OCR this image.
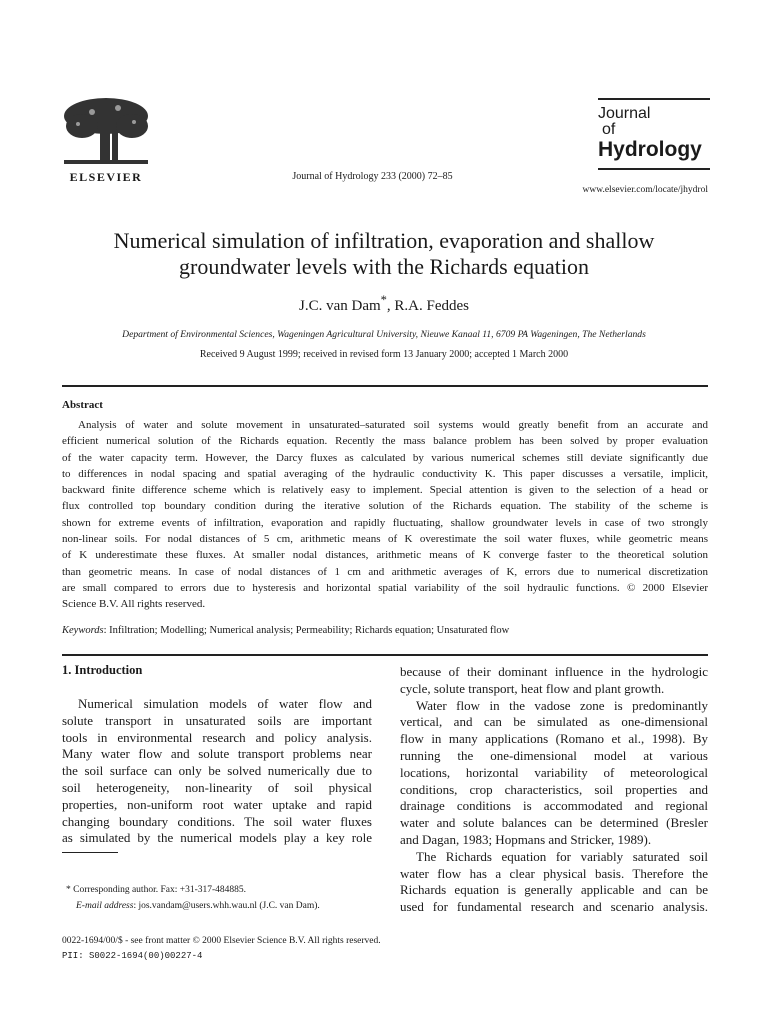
ELSEVIER	Journal of Hydrology 233 (2000) 72–85
Journal
of
Hydrology
www.elsevier.com/locate/jhydrol
Numerical simulation of infiltration, evaporation and shallow
groundwater levels with the Richards equation
J.C. van Dam*, R.A. Feddes
Department of Environmental Sciences, Wageningen Agricultural University, Nieuwe Kanaal 11, 6709 PA Wageningen, The Netherlands
Received 9 August 1999; received in revised form 13 January 2000; accepted 1 March 2000
Abstract
Analysis of water and solute movement in unsaturated–saturated soil systems would greatly benefit from an accurate and
efficient numerical solution of the Richards equation. Recently the mass balance problem has been solved by proper evaluation
of the water capacity term. However, the Darcy fluxes as calculated by various numerical schemes still deviate significantly due
to differences in nodal spacing and spatial averaging of the hydraulic conductivity K. This paper discusses a versatile, implicit,
backward finite difference scheme which is relatively easy to implement. Special attention is given to the selection of a head or
flux controlled top boundary condition during the iterative solution of the Richards equation. The stability of the scheme is
shown for extreme events of infiltration, evaporation and rapidly fluctuating, shallow groundwater levels in case of two strongly
non-linear soils. For nodal distances of 5 cm, arithmetic means of K overestimate the soil water fluxes, while geometric means
of K underestimate these fluxes. At smaller nodal distances, arithmetic means of K converge faster to the theoretical solution
than geometric means. In case of nodal distances of 1 cm and arithmetic averages of K, errors due to numerical discretization
are small compared to errors due to hysteresis and horizontal spatial variability of the soil hydraulic functions. © 2000 Elsevier
Science B.V. All rights reserved.
Keywords: Infiltration; Modelling; Numerical analysis; Permeability; Richards equation; Unsaturated flow
1. Introduction
Numerical simulation models of water flow and
solute transport in unsaturated soils are important
tools in environmental research and policy analysis.
Many water flow and solute transport problems near
the soil surface can only be solved numerically due to
soil heterogeneity, non-linearity of soil physical
properties, non-uniform root water uptake and rapid
changing boundary conditions. The soil water fluxes
as simulated by the numerical models play a key role
because of their dominant influence in the hydrologic
cycle, solute transport, heat flow and plant growth.
Water flow in the vadose zone is predominantly
vertical, and can be simulated as one-dimensional
flow in many applications (Romano et al., 1998). By
running the one-dimensional model at various
locations, horizontal variability of meteorological
conditions, crop characteristics, soil properties and
drainage conditions is accommodated and regional
water and solute balances can be determined (Bresler
and Dagan, 1983; Hopmans and Stricker, 1989).
The Richards equation for variably saturated soil
water flow has a clear physical basis. Therefore the
Richards equation is generally applicable and can be
used for fundamental research and scenario analysis.
* Corresponding author. Fax: +31-317-484885.
E-mail address: jos.vandam@users.whh.wau.nl (J.C. van Dam).
0022-1694/00/$ - see front matter © 2000 Elsevier Science B.V. All rights reserved.
PII: S0022-1694(00)00227-4
